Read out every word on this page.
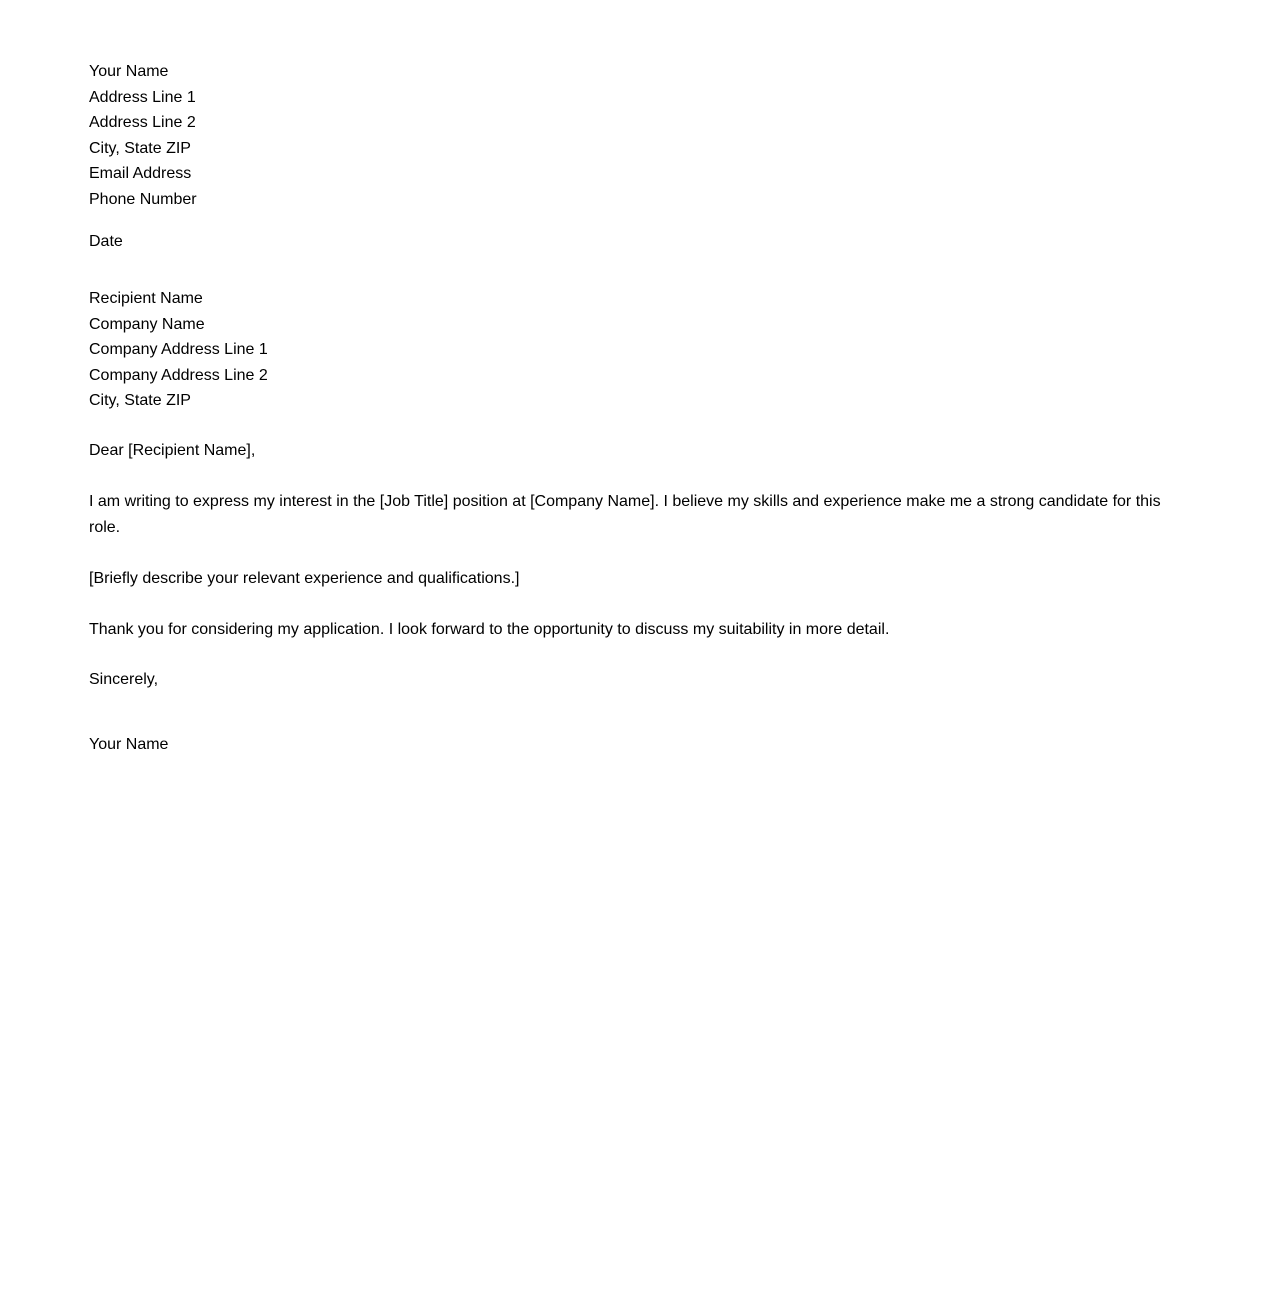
Your Name
Address Line 1
Address Line 2
City, State ZIP
Email Address
Phone Number
Date
Recipient Name
Company Name
Company Address Line 1
Company Address Line 2
City, State ZIP
Dear [Recipient Name],
I am writing to express my interest in the [Job Title] position at [Company Name]. I believe my skills and experience make me a strong candidate for this role.
[Briefly describe your relevant experience and qualifications.]
Thank you for considering my application. I look forward to the opportunity to discuss my suitability in more detail.
Sincerely,
Your Name
